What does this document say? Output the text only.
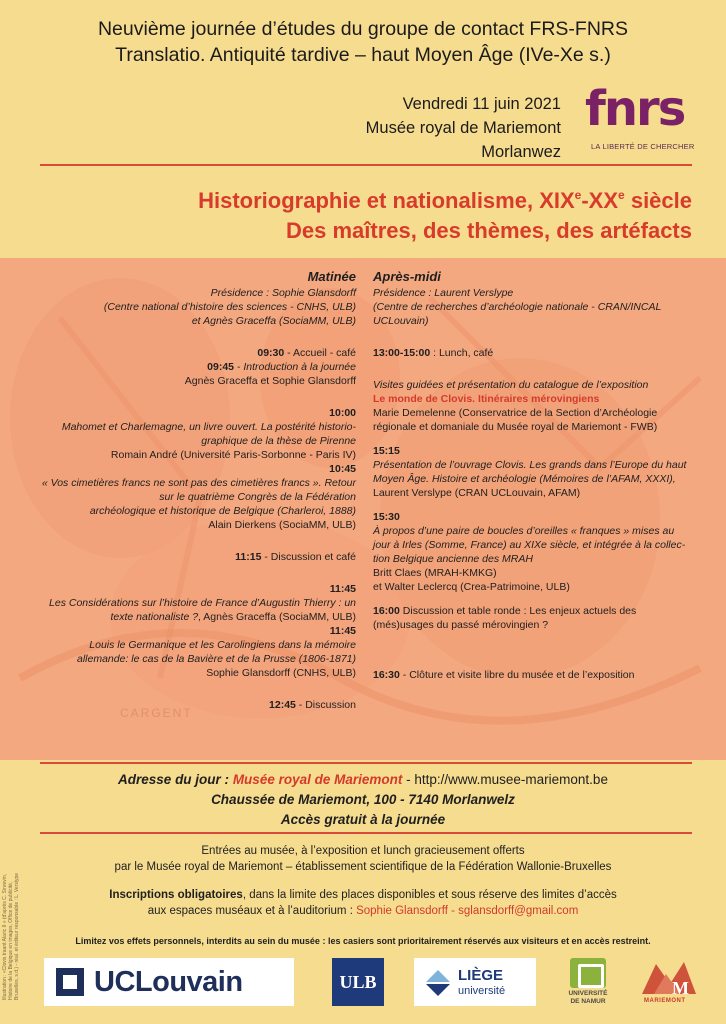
Neuvième journée d’études du groupe de contact FRS-FNRS
Translatio. Antiquité tardive – haut Moyen Âge (IVe-Xe s.)
Vendredi 11 juin 2021
Musée royal de Mariemont
Morlanwez
fnrs
LA LIBERTÉ DE CHERCHER
Historiographie et nationalisme, XIXe-XXe siècle
Des maîtres, des thèmes, des artéfacts
CARGENT
Matinée
Présidence : Sophie Glansdorff
(Centre national d’histoire des sciences - CNHS, ULB)
et Agnès Graceffa (SociaMM, ULB)
09:30 - Accueil - café
09:45 - Introduction à la journée
Agnès Graceffa et Sophie Glansdorff
10:00
Mahomet et Charlemagne, un livre ouvert. La postérité historio-
graphique de la thèse de Pirenne
Romain André (Université Paris-Sorbonne - Paris IV)
10:45
« Vos cimetières francs ne sont pas des cimetières francs ». Retour
sur le quatrième Congrès de la Fédération
archéologique et historique de Belgique (Charleroi, 1888)
Alain Dierkens (SociaMM, ULB)
11:15 - Discussion et café
11:45
Les Considérations sur l’histoire de France d’Augustin Thierry : un
texte nationaliste ?, Agnès Graceffa (SociaMM, ULB)
11:45
Louis le Germanique et les Carolingiens dans la mémoire
allemande: le cas de la Bavière et de la Prusse (1806-1871)
Sophie Glansdorff (CNHS, ULB)
12:45 - Discussion
Après-midi
Présidence : Laurent Verslype
(Centre de recherches d’archéologie nationale - CRAN/INCAL
UCLouvain)
13:00-15:00 : Lunch, café
Visites guidées et présentation du catalogue de l’exposition
Le monde de Clovis. Itinéraires mérovingiens
Marie Demelenne (Conservatrice de la Section d’Archéologie
régionale et domaniale du Musée royal de Mariemont - FWB)
15:15
Présentation de l’ouvrage Clovis. Les grands dans l’Europe du haut
Moyen Âge. Histoire et archéologie (Mémoires de l’AFAM, XXXI),
Laurent Verslype (CRAN UCLouvain, AFAM)
15:30
À propos d’une paire de boucles d’oreilles « franques » mises au
jour à Irles (Somme, France) au XIXe siècle, et intégrée à la collec-
tion Belgique ancienne des MRAH
Britt Claes (MRAH-KMKG)
et Walter Leclercq (Crea-Patrimoine, ULB)
16:00 Discussion et table ronde : Les enjeux actuels des
(més)usages du passé mérovingien ?
16:30 - Clôture et visite libre du musée et de l’exposition
Adresse du jour : Musée royal de Mariemont - http://www.musee-mariemont.be
Chaussée de Mariemont, 100 - 7140 Morlanwelz
Accès gratuit à la journée
Entrées au musée, à l’exposition et lunch gracieusement offerts
par le Musée royal de Mariemont – établissement scientifique de la Fédération Wallonie-Bruxelles
Inscriptions obligatoires, dans la limite des places disponibles et sous réserve des limites d’accès
aux espaces muséaux et à l’auditorium : Sophie Glansdorff - sglansdorff@gmail.com
Limitez vos effets personnels, interdits au sein du musée : les casiers sont prioritairement réservés aux visiteurs et en accès restreint.
Illustration : «Clovis traant Alaric II » (d'après C. Sinrevin, Histoire de la Belgique en images, Office de publicité, Bruxelles, s.d.) - réal. et éditeur responsable : L. Verslype	UCLouvain	ULB	LIÈGE
université	UNIVERSITÉ
DE NAMUR
M
MARIEMONT
